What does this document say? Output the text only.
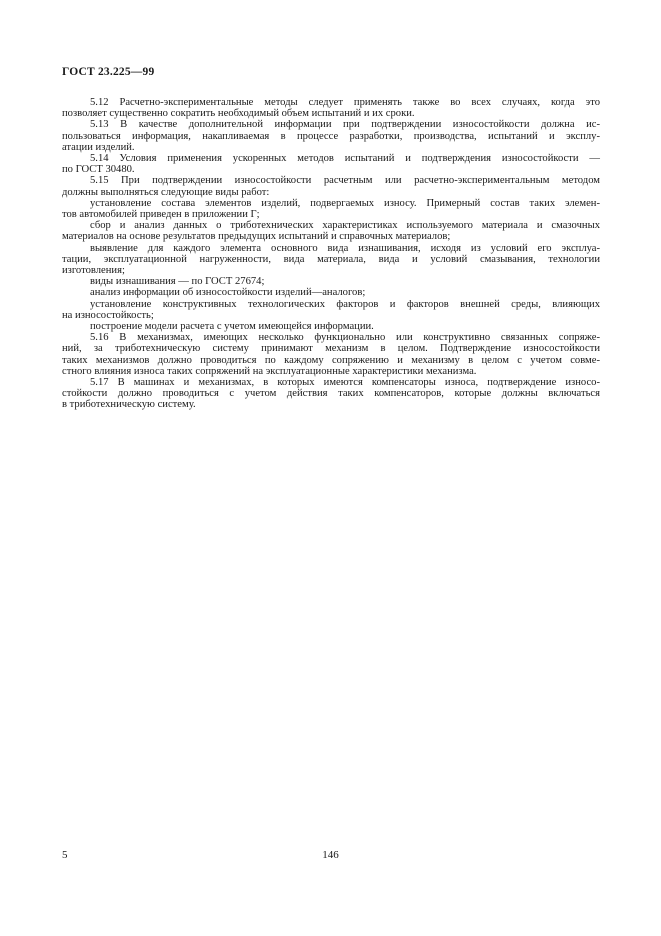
ГОСТ 23.225—99
5.12 Расчетно-экспериментальные методы следует применять также во всех случаях, когда это
позволяет существенно сократить необходимый объем испытаний и их сроки.
5.13 В качестве дополнительной информации при подтверждении износостойкости должна ис-
пользоваться информация, накапливаемая в процессе разработки, производства, испытаний и эксплу-
атации изделий.
5.14 Условия применения ускоренных методов испытаний и подтверждения износостойкости —
по ГОСТ 30480.
5.15 При подтверждении износостойкости расчетным или расчетно-экспериментальным методом
должны выполняться следующие виды работ:
установление состава элементов изделий, подвергаемых износу. Примерный состав таких элемен-
тов автомобилей приведен в приложении Г;
сбор и анализ данных о триботехнических характеристиках используемого материала и смазочных
материалов на основе результатов предыдущих испытаний и справочных материалов;
выявление для каждого элемента основного вида изнашивания, исходя из условий его эксплуа-
тации, эксплуатационной нагруженности, вида материала, вида и условий смазывания, технологии
изготовления;
виды изнашивания — по ГОСТ 27674;
анализ информации об износостойкости изделий—аналогов;
установление конструктивных технологических факторов и факторов внешней среды, влияющих
на износостойкость;
построение модели расчета с учетом имеющейся информации.
5.16 В механизмах, имеющих несколько функционально или конструктивно связанных сопряже-
ний, за триботехническую систему принимают механизм в целом. Подтверждение износостойкости
таких механизмов должно проводиться по каждому сопряжению и механизму в целом с учетом совме-
стного влияния износа таких сопряжений на эксплуатационные характеристики механизма.
5.17 В машинах и механизмах, в которых имеются компенсаторы износа, подтверждение износо-
стойкости должно проводиться с учетом действия таких компенсаторов, которые должны включаться
в триботехническую систему.
5	146
